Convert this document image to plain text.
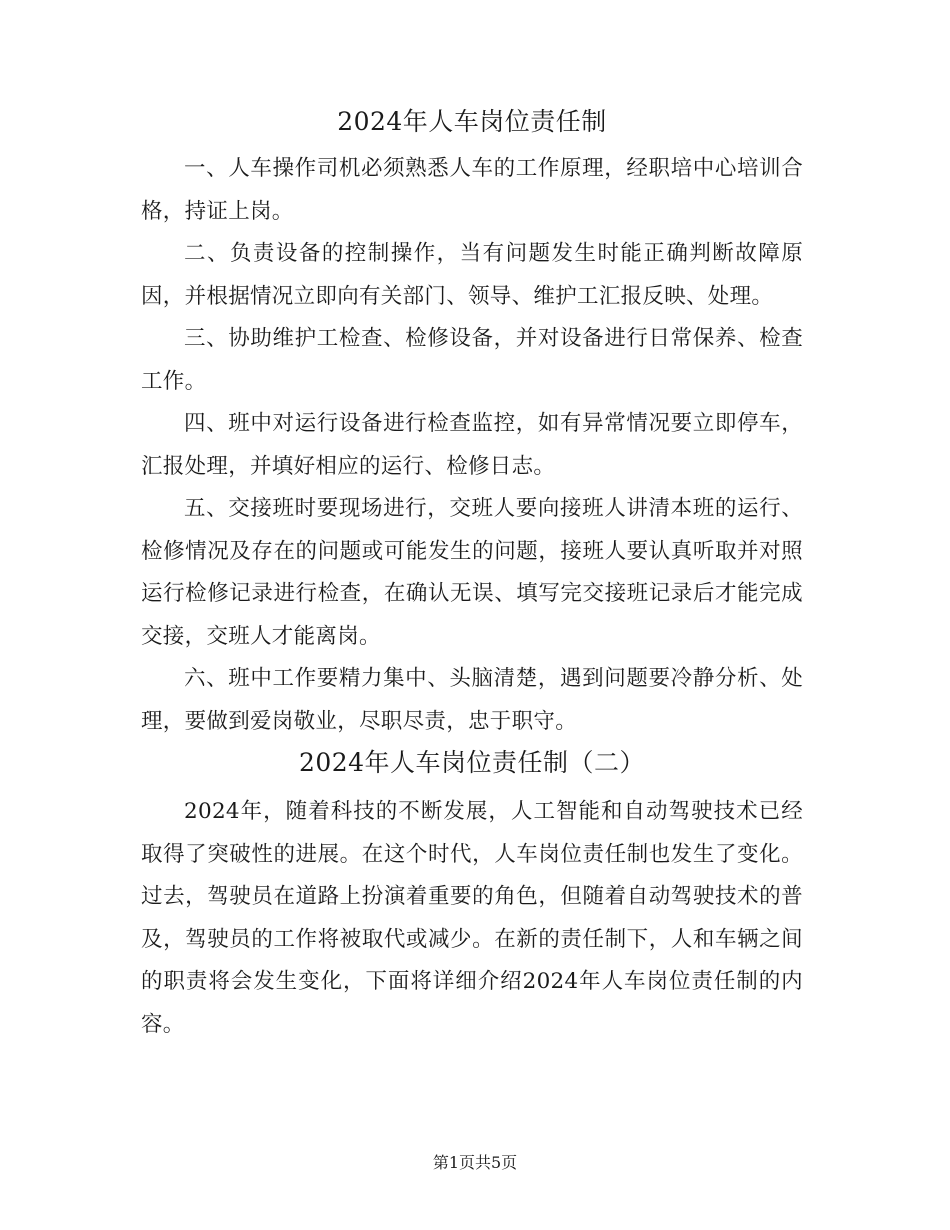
2024年人车岗位责任制

一、人车操作司机必须熟悉人车的工作原理，经职培中心培训合格，持证上岗。

二、负责设备的控制操作，当有问题发生时能正确判断故障原因，并根据情况立即向有关部门、领导、维护工汇报反映、处理。

三、协助维护工检查、检修设备，并对设备进行日常保养、检查工作。

四、班中对运行设备进行检查监控，如有异常情况要立即停车，汇报处理，并填好相应的运行、检修日志。

五、交接班时要现场进行，交班人要向接班人讲清本班的运行、检修情况及存在的问题或可能发生的问题，接班人要认真听取并对照运行检修记录进行检查，在确认无误、填写完交接班记录后才能完成交接，交班人才能离岗。

六、班中工作要精力集中、头脑清楚，遇到问题要冷静分析、处理，要做到爱岗敬业，尽职尽责，忠于职守。

2024年人车岗位责任制（二）

2024年，随着科技的不断发展，人工智能和自动驾驶技术已经取得了突破性的进展。在这个时代，人车岗位责任制也发生了变化。过去，驾驶员在道路上扮演着重要的角色，但随着自动驾驶技术的普及，驾驶员的工作将被取代或减少。在新的责任制下，人和车辆之间的职责将会发生变化，下面将详细介绍2024年人车岗位责任制的内容。

第1页共5页
